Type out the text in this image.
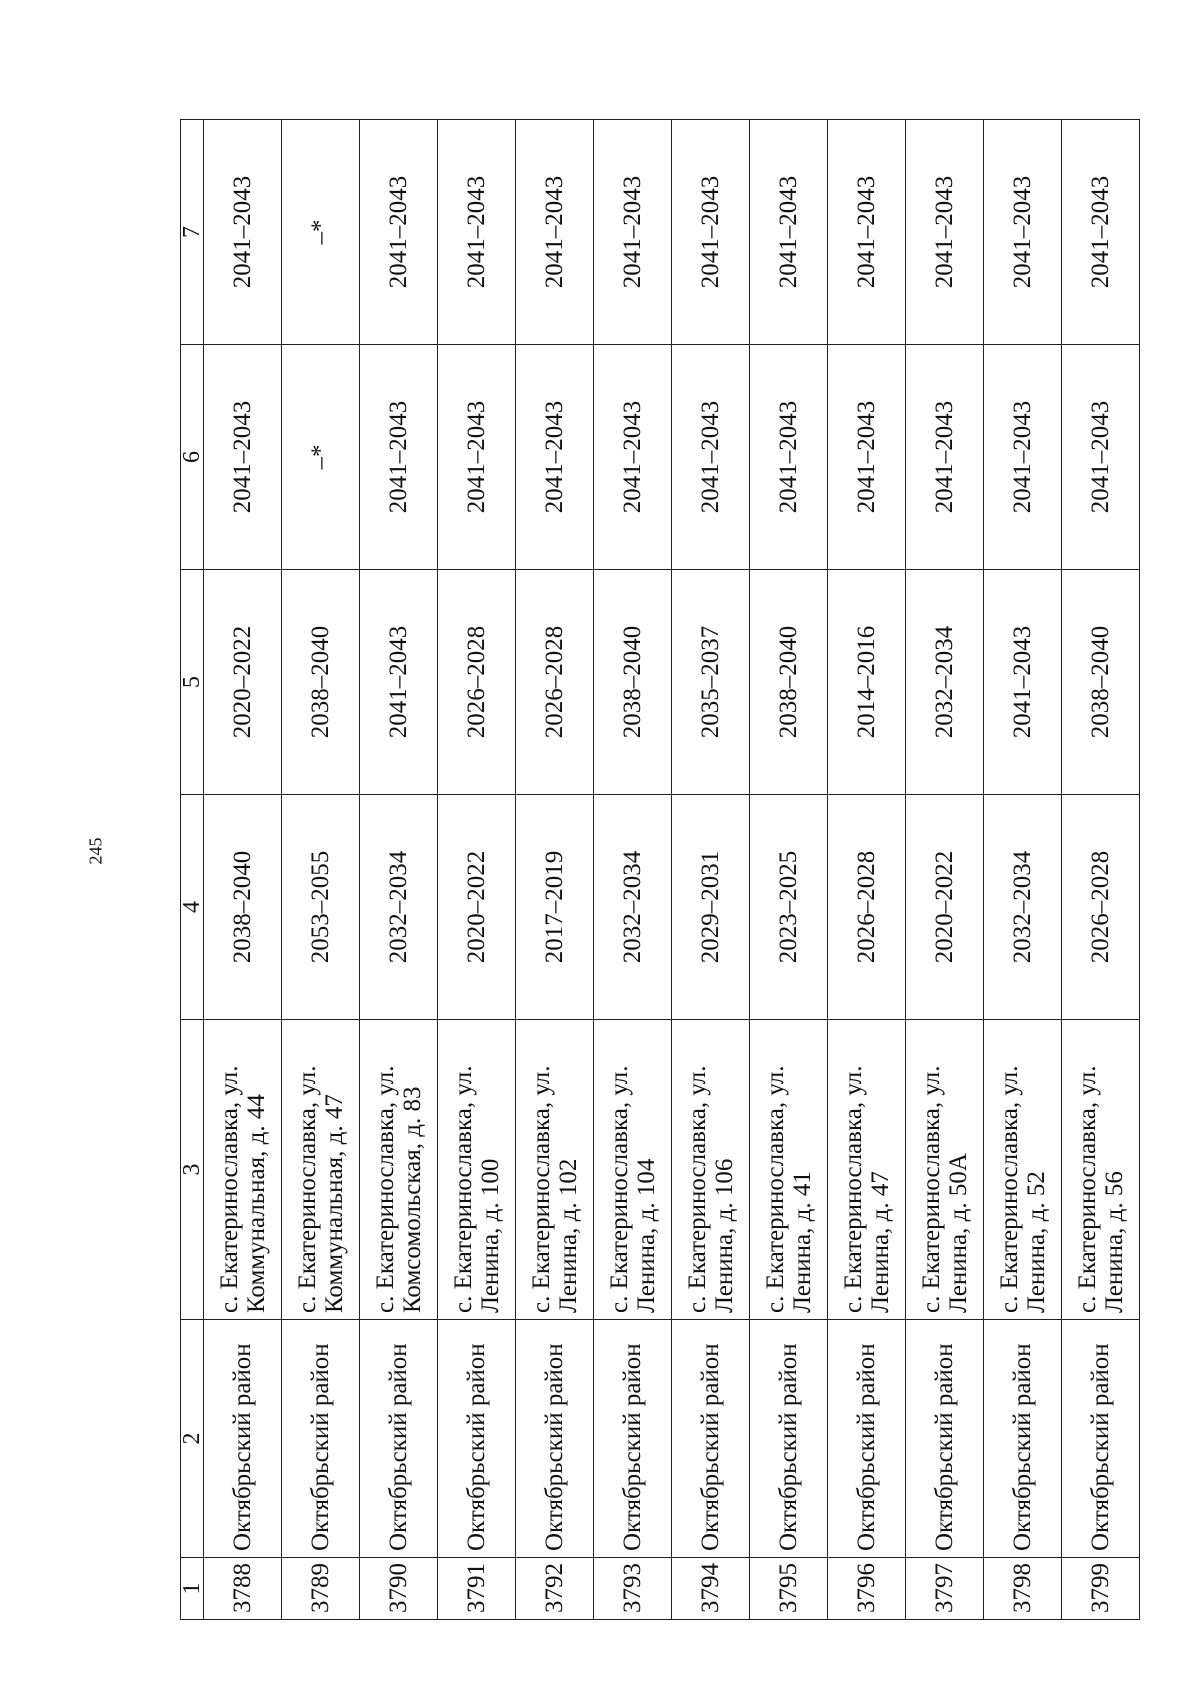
245
1	2	3	4	5	6	7
3788	Октябрьский район	с. Екатеринославка, ул. Коммунальная, д. 44	2038–2040	2020–2022	2041–2043	2041–2043
3789	Октябрьский район	с. Екатеринославка, ул. Коммунальная, д. 47	2053–2055	2038–2040	–*	–*
3790	Октябрьский район	с. Екатеринославка, ул. Комсомольская, д. 83	2032–2034	2041–2043	2041–2043	2041–2043
3791	Октябрьский район	с. Екатеринославка, ул. Ленина, д. 100	2020–2022	2026–2028	2041–2043	2041–2043
3792	Октябрьский район	с. Екатеринославка, ул. Ленина, д. 102	2017–2019	2026–2028	2041–2043	2041–2043
3793	Октябрьский район	с. Екатеринославка, ул. Ленина, д. 104	2032–2034	2038–2040	2041–2043	2041–2043
3794	Октябрьский район	с. Екатеринославка, ул. Ленина, д. 106	2029–2031	2035–2037	2041–2043	2041–2043
3795	Октябрьский район	с. Екатеринославка, ул. Ленина, д. 41	2023–2025	2038–2040	2041–2043	2041–2043
3796	Октябрьский район	с. Екатеринославка, ул. Ленина, д. 47	2026–2028	2014–2016	2041–2043	2041–2043
3797	Октябрьский район	с. Екатеринославка, ул. Ленина, д. 50А	2020–2022	2032–2034	2041–2043	2041–2043
3798	Октябрьский район	с. Екатеринославка, ул. Ленина, д. 52	2032–2034	2041–2043	2041–2043	2041–2043
3799	Октябрьский район	с. Екатеринославка, ул. Ленина, д. 56	2026–2028	2038–2040	2041–2043	2041–2043
